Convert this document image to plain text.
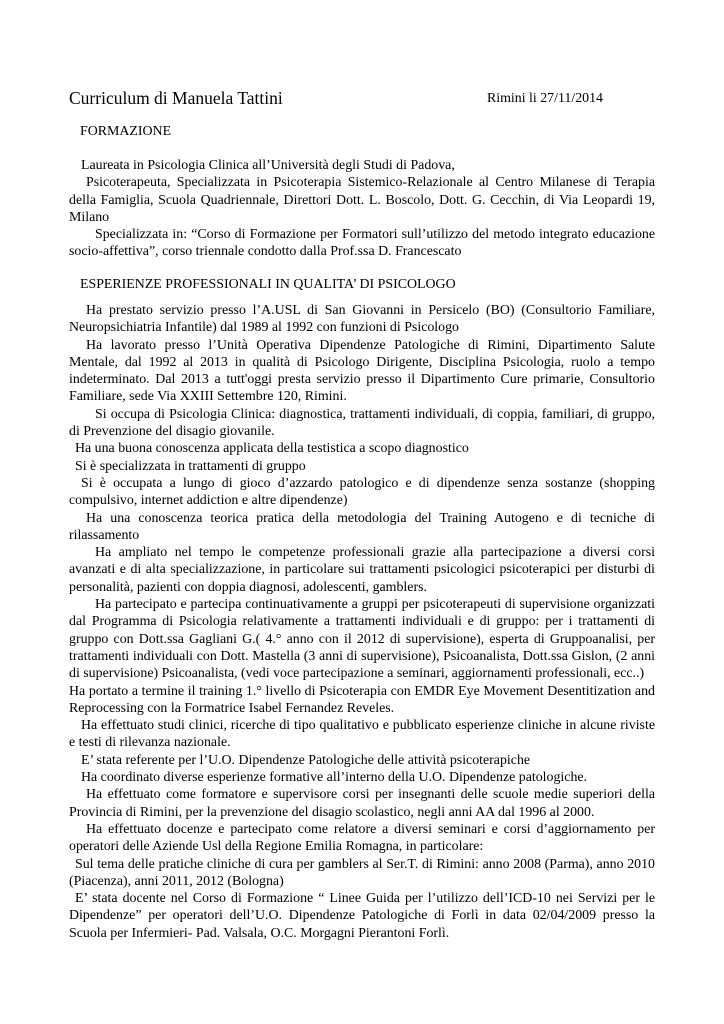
Curriculum di Manuela Tattini	Rimini li 27/11/2014
FORMAZIONE

Laureata in Psicologia Clinica all’Università degli Studi di Padova,

Psicoterapeuta, Specializzata in Psicoterapia Sistemico-Relazionale al Centro Milanese di Terapia della Famiglia, Scuola Quadriennale, Direttori Dott. L. Boscolo, Dott. G. Cecchin, di Via Leopardi 19, Milano

Specializzata in: “Corso di Formazione per Formatori sull’utilizzo del metodo integrato educazione socio-affettiva”, corso triennale condotto dalla Prof.ssa D. Francescato

ESPERIENZE PROFESSIONALI IN QUALITA’ DI PSICOLOGO

Ha prestato servizio presso l’A.USL di San Giovanni in Persicelo (BO) (Consultorio Familiare, Neuropsichiatria Infantile) dal 1989 al 1992 con funzioni di Psicologo

Ha lavorato presso l’Unità Operativa Dipendenze Patologiche di Rimini, Dipartimento Salute Mentale, dal 1992 al 2013 in qualità di Psicologo Dirigente, Disciplina Psicologia, ruolo a tempo indeterminato. Dal 2013 a tutt'oggi presta servizio presso il Dipartimento Cure primarie, Consultorio Familiare, sede Via XXIII Settembre 120, Rimini.

Si occupa di Psicologia Clinica: diagnostica, trattamenti individuali, di coppia, familiari, di gruppo, di Prevenzione del disagio giovanile.

Ha una buona conoscenza applicata della testistica a scopo diagnostico

Si è specializzata in trattamenti di gruppo

Si è occupata a lungo di gioco d’azzardo patologico e di dipendenze senza sostanze (shopping compulsivo, internet addiction e altre dipendenze)

Ha una conoscenza teorica pratica della metodologia del Training Autogeno e di tecniche di rilassamento

Ha ampliato nel tempo le competenze professionali grazie alla partecipazione a diversi corsi avanzati e di alta specializzazione, in particolare sui trattamenti psicologici psicoterapici per disturbi di personalità, pazienti con doppia diagnosi, adolescenti, gamblers.

Ha partecipato e partecipa continuativamente a gruppi per psicoterapeuti di supervisione organizzati dal Programma di Psicologia relativamente a trattamenti individuali e di gruppo: per i trattamenti di gruppo con Dott.ssa Gagliani G.( 4.° anno con il 2012 di supervisione), esperta di Gruppoanalisi, per trattamenti individuali con Dott. Mastella (3 anni di supervisione), Psicoanalista, Dott.ssa Gislon, (2 anni di supervisione) Psicoanalista, (vedi voce partecipazione a seminari, aggiornamenti professionali, ecc..)

Ha portato a termine il training 1.° livello di Psicoterapia con EMDR Eye Movement Desentitization and Reprocessing con la Formatrice Isabel Fernandez Reveles.

Ha effettuato studi clinici, ricerche di tipo qualitativo e pubblicato esperienze cliniche in alcune riviste e testi di rilevanza nazionale.

E’ stata referente per l’U.O. Dipendenze Patologiche delle attività psicoterapiche

Ha coordinato diverse esperienze formative all’interno della U.O. Dipendenze patologiche.

Ha effettuato come formatore e supervisore corsi per insegnanti delle scuole medie superiori della Provincia di Rimini, per la prevenzione del disagio scolastico, negli anni AA dal 1996 al 2000.

Ha effettuato docenze e partecipato come relatore a diversi seminari e corsi d’aggiornamento per operatori delle Aziende Usl della Regione Emilia Romagna, in particolare:

Sul tema delle pratiche cliniche di cura per gamblers al Ser.T. di Rimini: anno 2008 (Parma), anno 2010 (Piacenza), anni 2011, 2012 (Bologna)

E’ stata docente nel Corso di Formazione “ Linee Guida per l’utilizzo dell’ICD-10 nei Servizi per le Dipendenze” per operatori dell’U.O. Dipendenze Patologiche di Forlì in data 02/04/2009 presso la Scuola per Infermieri- Pad. Valsala, O.C. Morgagni Pierantoni Forlì.
